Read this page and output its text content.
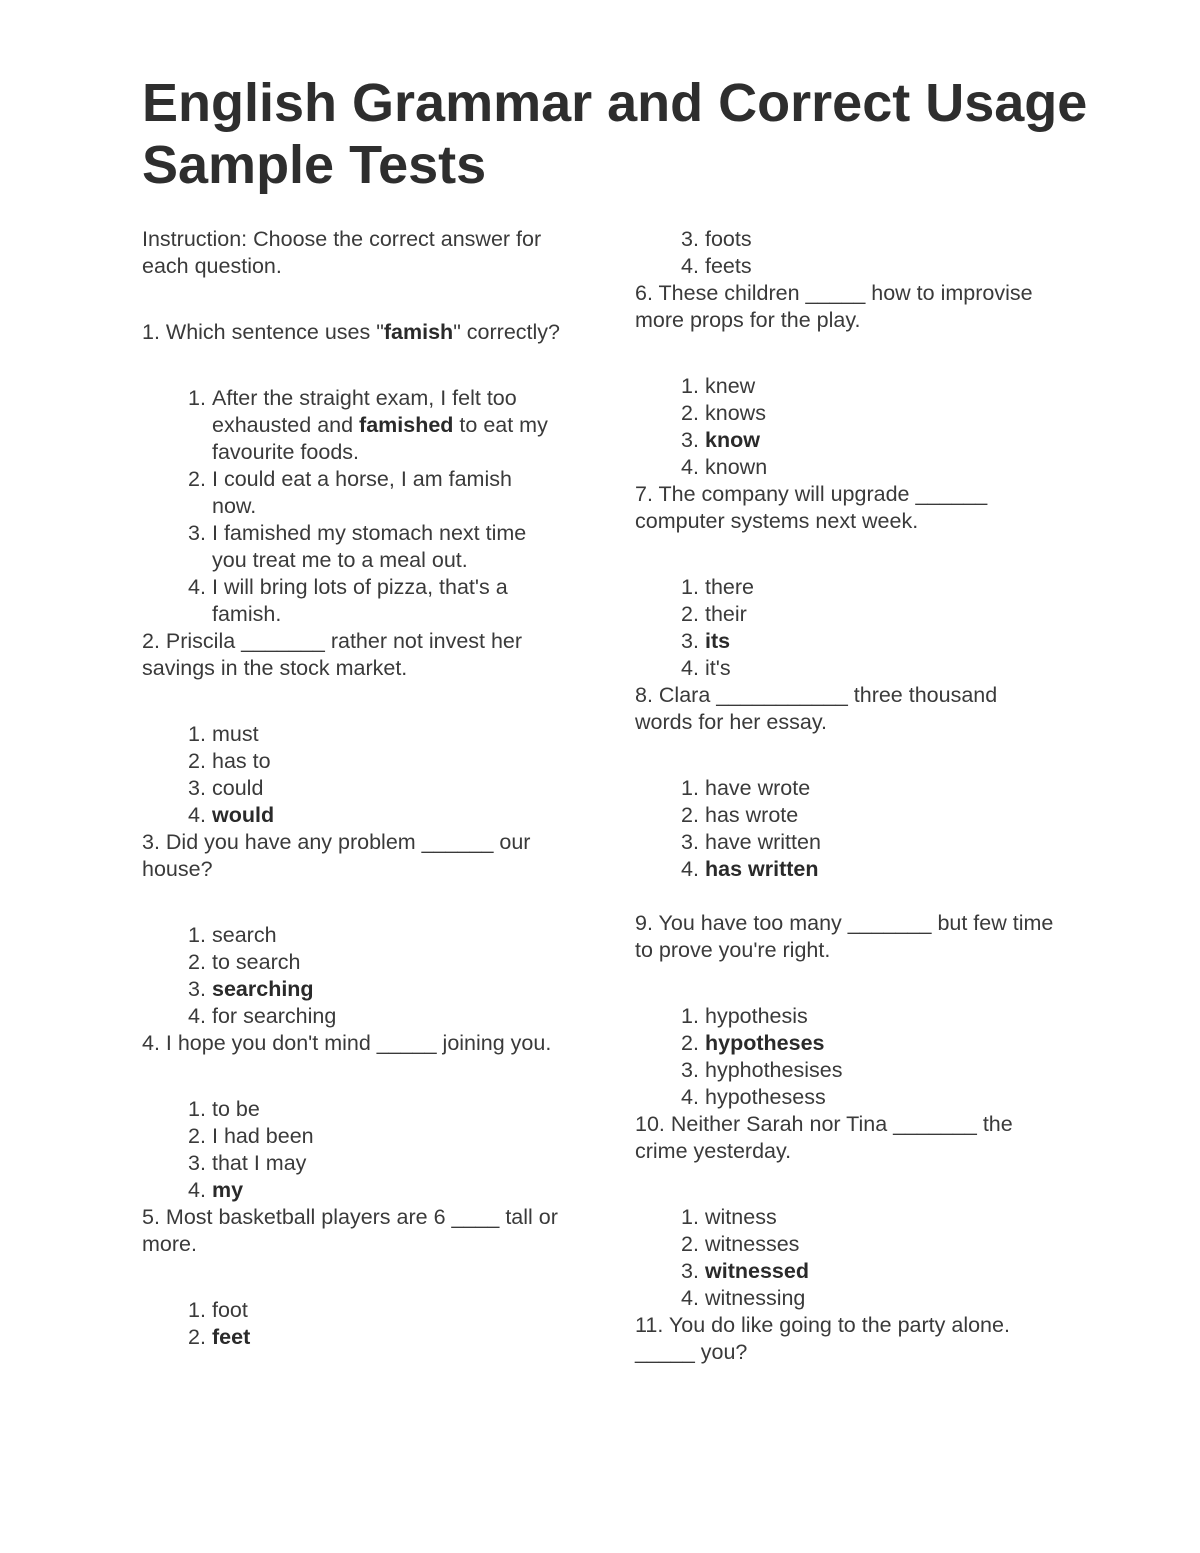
English Grammar and Correct Usage Sample Tests

Instruction: Choose the correct answer for each question.

1. Which sentence uses "famish" correctly?

1. After the straight exam, I felt too exhausted and famished to eat my favourite foods.
2. I could eat a horse, I am famish now.
3. I famished my stomach next time you treat me to a meal out.
4. I will bring lots of pizza, that's a famish.

2. Priscila _______ rather not invest her savings in the stock market.

1. must
2. has to
3. could
4. would

3. Did you have any problem ______ our house?

1. search
2. to search
3. searching
4. for searching

4. I hope you don't mind _____ joining you.

1. to be
2. I had been
3. that I may
4. my

5. Most basketball players are 6 ____ tall or more.

1. foot
2. feet
3. foots
4. feets

6. These children _____ how to improvise more props for the play.

1. knew
2. knows
3. know
4. known

7. The company will upgrade ______ computer systems next week.

1. there
2. their
3. its
4. it's

8. Clara ___________ three thousand words for her essay.

1. have wrote
2. has wrote
3. have written
4. has written

9. You have too many _______ but few time to prove you're right.

1. hypothesis
2. hypotheses
3. hyphothesises
4. hypothesess

10. Neither Sarah nor Tina _______ the crime yesterday.

1. witness
2. witnesses
3. witnessed
4. witnessing

11. You do like going to the party alone. _____ you?
